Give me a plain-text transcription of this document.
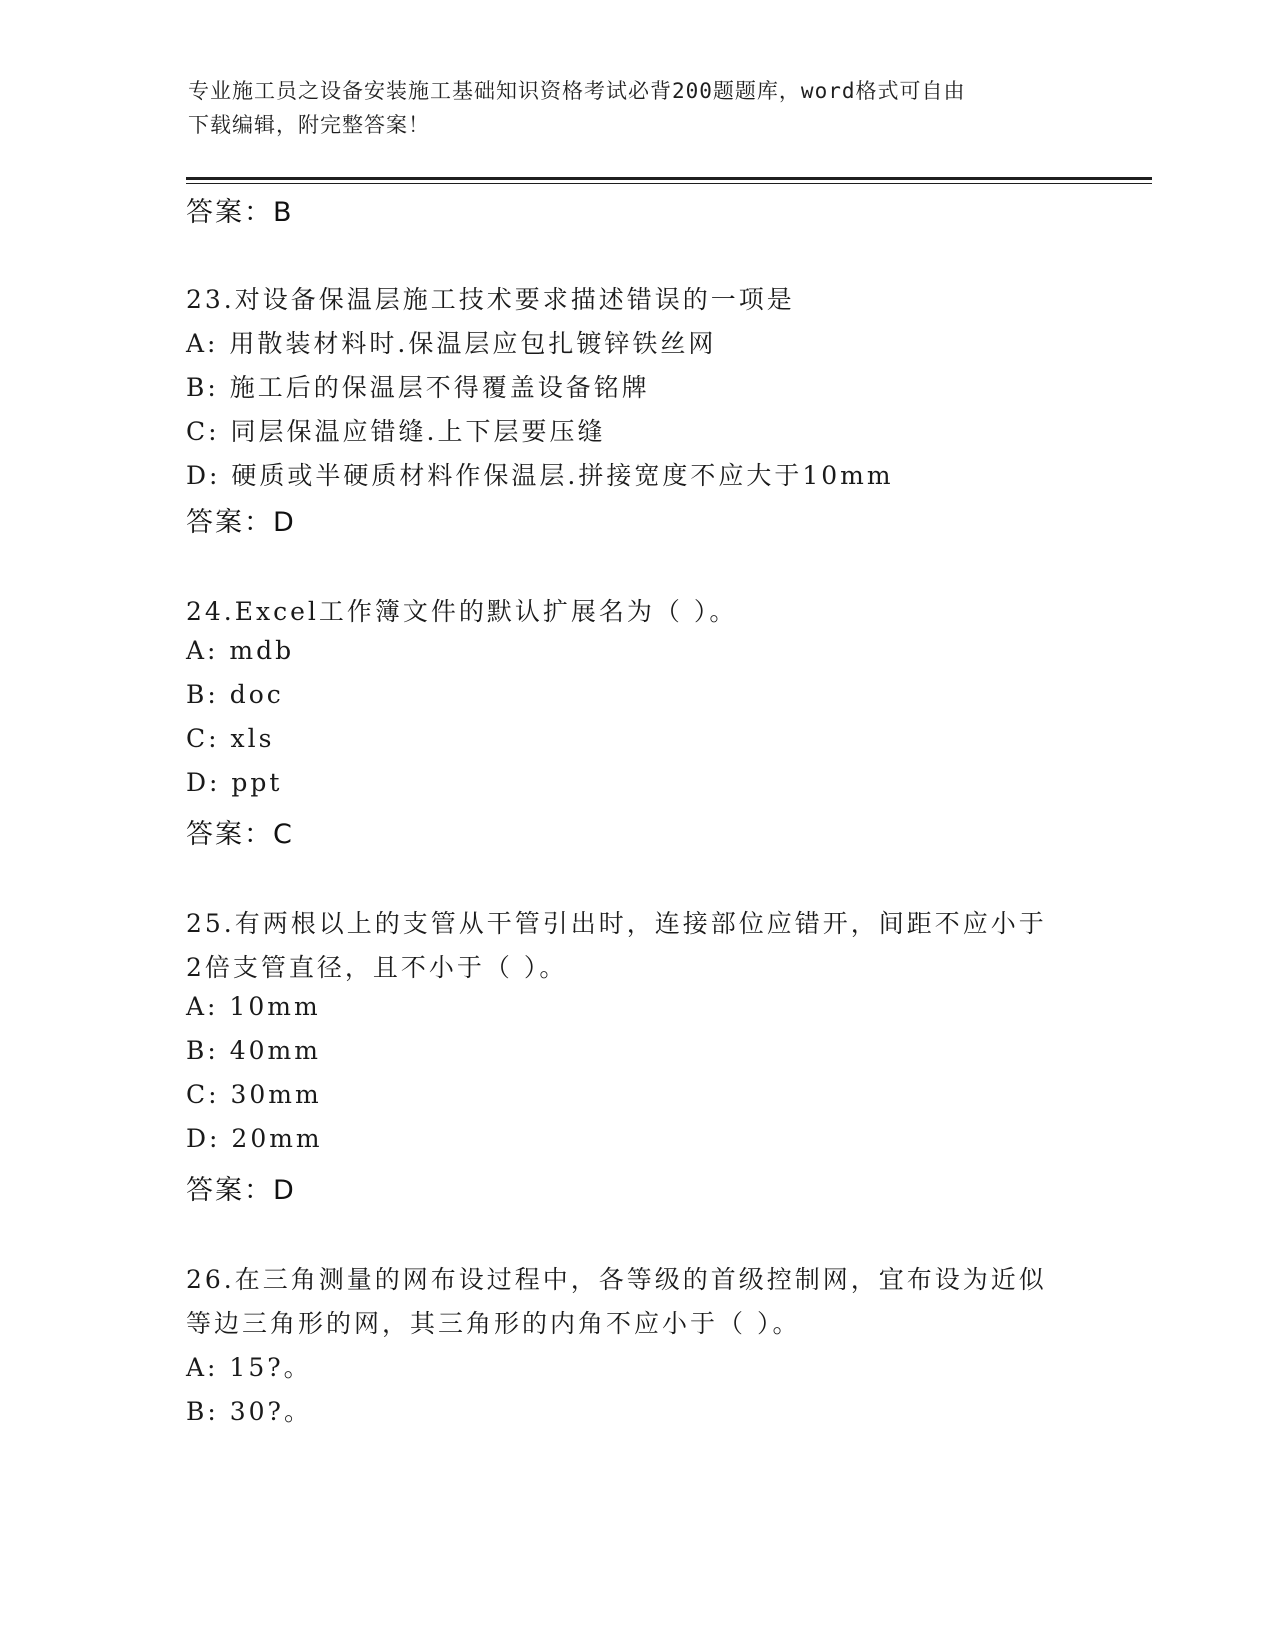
专业施工员之设备安装施工基础知识资格考试必背200题题库，word格式可自由
下载编辑，附完整答案！
答案：B
23.对设备保温层施工技术要求描述错误的一项是
A: 用散装材料时.保温层应包扎镀锌铁丝网
B: 施工后的保温层不得覆盖设备铭牌
C: 同层保温应错缝.上下层要压缝
D: 硬质或半硬质材料作保温层.拼接宽度不应大于10mm
答案：D
24.Excel工作簿文件的默认扩展名为（ ）。
A: mdb
B: doc
C: xls
D: ppt
答案：C
25.有两根以上的支管从干管引出时，连接部位应错开，间距不应小于
2倍支管直径，且不小于（ ）。
A: 10mm
B: 40mm
C: 30mm
D: 20mm
答案：D
26.在三角测量的网布设过程中，各等级的首级控制网，宜布设为近似
等边三角形的网，其三角形的内角不应小于（ ）。
A: 15?。
B: 30?。
